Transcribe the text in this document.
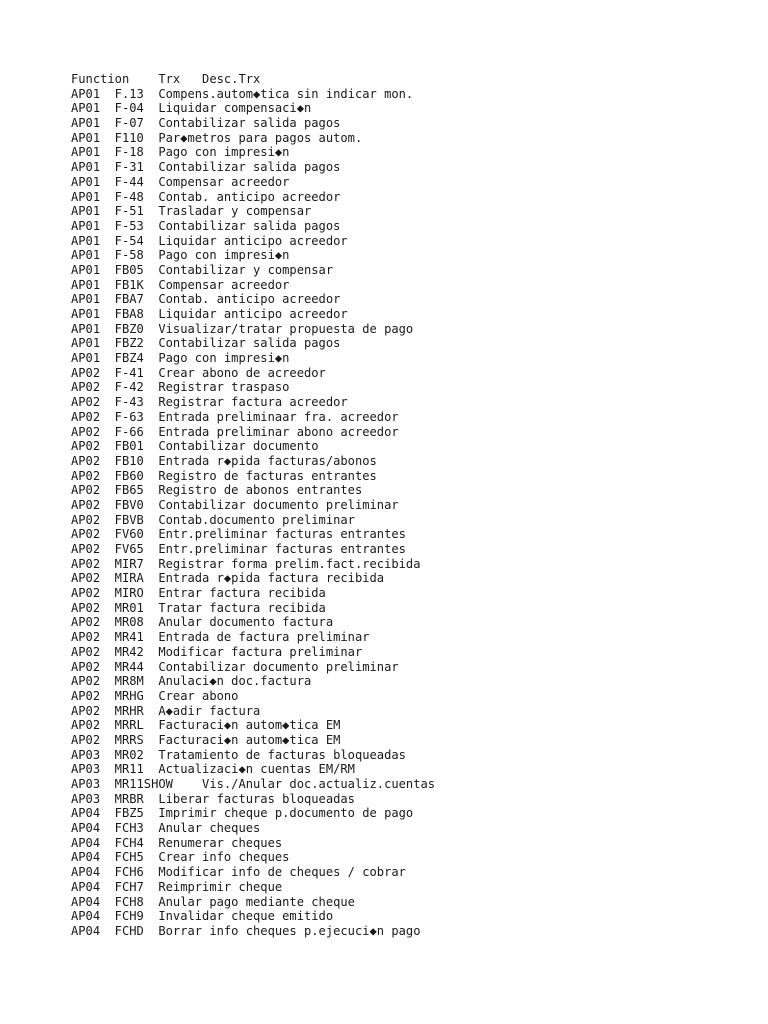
Function    Trx   Desc.Trx
AP01  F.13  Compens.autom◆tica sin indicar mon.
AP01  F-04  Liquidar compensaci◆n
AP01  F-07  Contabilizar salida pagos
AP01  F110  Par◆metros para pagos autom.
AP01  F-18  Pago con impresi◆n
AP01  F-31  Contabilizar salida pagos
AP01  F-44  Compensar acreedor
AP01  F-48  Contab. anticipo acreedor
AP01  F-51  Trasladar y compensar
AP01  F-53  Contabilizar salida pagos
AP01  F-54  Liquidar anticipo acreedor
AP01  F-58  Pago con impresi◆n
AP01  FB05  Contabilizar y compensar
AP01  FB1K  Compensar acreedor
AP01  FBA7  Contab. anticipo acreedor
AP01  FBA8  Liquidar anticipo acreedor
AP01  FBZ0  Visualizar/tratar propuesta de pago
AP01  FBZ2  Contabilizar salida pagos
AP01  FBZ4  Pago con impresi◆n
AP02  F-41  Crear abono de acreedor
AP02  F-42  Registrar traspaso
AP02  F-43  Registrar factura acreedor
AP02  F-63  Entrada preliminaar fra. acreedor
AP02  F-66  Entrada preliminar abono acreedor
AP02  FB01  Contabilizar documento
AP02  FB10  Entrada r◆pida facturas/abonos
AP02  FB60  Registro de facturas entrantes
AP02  FB65  Registro de abonos entrantes
AP02  FBV0  Contabilizar documento preliminar
AP02  FBVB  Contab.documento preliminar
AP02  FV60  Entr.preliminar facturas entrantes
AP02  FV65  Entr.preliminar facturas entrantes
AP02  MIR7  Registrar forma prelim.fact.recibida
AP02  MIRA  Entrada r◆pida factura recibida
AP02  MIRO  Entrar factura recibida
AP02  MR01  Tratar factura recibida
AP02  MR08  Anular documento factura
AP02  MR41  Entrada de factura preliminar
AP02  MR42  Modificar factura preliminar
AP02  MR44  Contabilizar documento preliminar
AP02  MR8M  Anulaci◆n doc.factura
AP02  MRHG  Crear abono
AP02  MRHR  A◆adir factura
AP02  MRRL  Facturaci◆n autom◆tica EM
AP02  MRRS  Facturaci◆n autom◆tica EM
AP03  MR02  Tratamiento de facturas bloqueadas
AP03  MR11  Actualizaci◆n cuentas EM/RM
AP03  MR11SHOW    Vis./Anular doc.actualiz.cuentas
AP03  MRBR  Liberar facturas bloqueadas
AP04  FBZ5  Imprimir cheque p.documento de pago
AP04  FCH3  Anular cheques
AP04  FCH4  Renumerar cheques
AP04  FCH5  Crear info cheques
AP04  FCH6  Modificar info de cheques / cobrar
AP04  FCH7  Reimprimir cheque
AP04  FCH8  Anular pago mediante cheque
AP04  FCH9  Invalidar cheque emitido
AP04  FCHD  Borrar info cheques p.ejecuci◆n pago
